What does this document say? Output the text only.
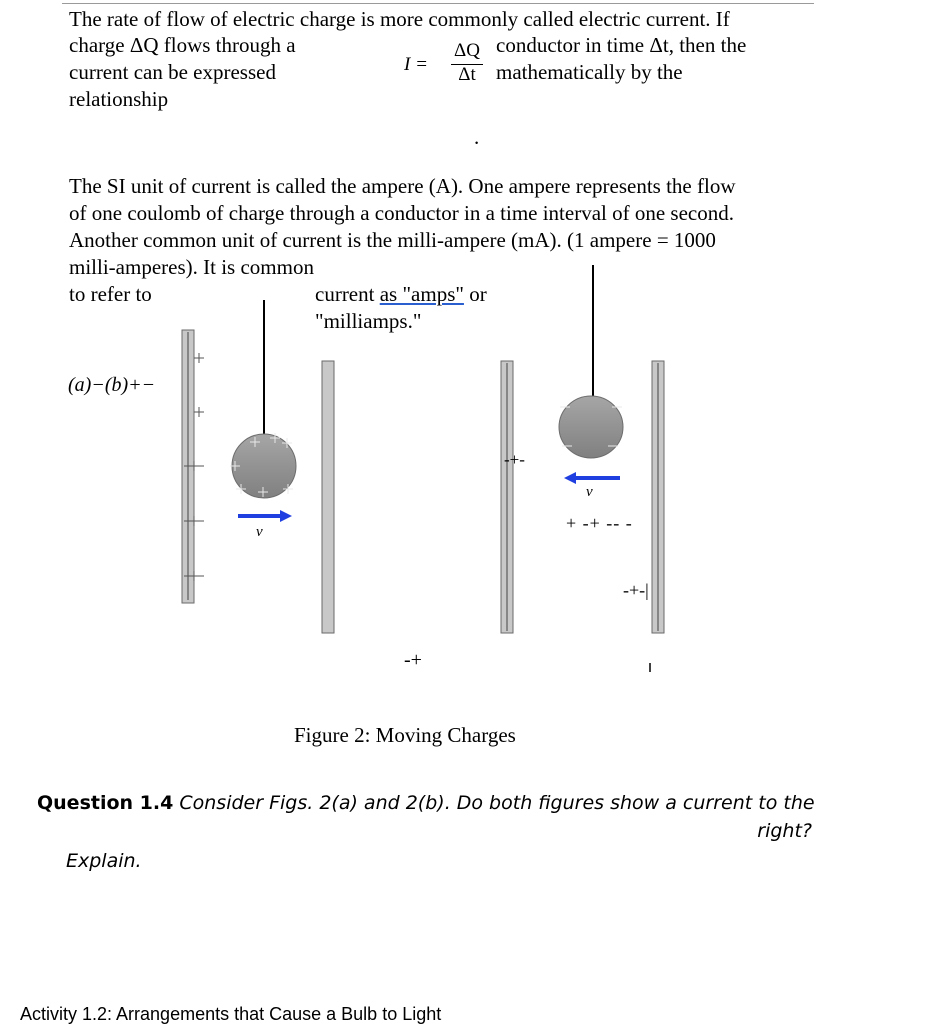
The rate of flow of electric charge is more commonly called electric current. If
charge ΔQ flows through a	conductor in time Δt, then the
current can be expressed	mathematically by the
relationship
I =
ΔQ
Δt
.
The SI unit of current is called the ampere (A). One ampere represents the flow
of one coulomb of charge through a conductor in a time interval of one second.
Another common unit of current is the milli-ampere (mA). (1 ampere = 1000
milli-amperes). It is common
to refer to	current as "amps" or
"milliamps."
(a)−(b)+−
v
v
-+-
+ -+ -- -
-+-|
-+
Figure 2: Moving Charges
Question 1.4 Consider Figs. 2(a) and 2(b). Do both figures show a current to the
right?
Explain.
Activity 1.2: Arrangements that Cause a Bulb to Light
